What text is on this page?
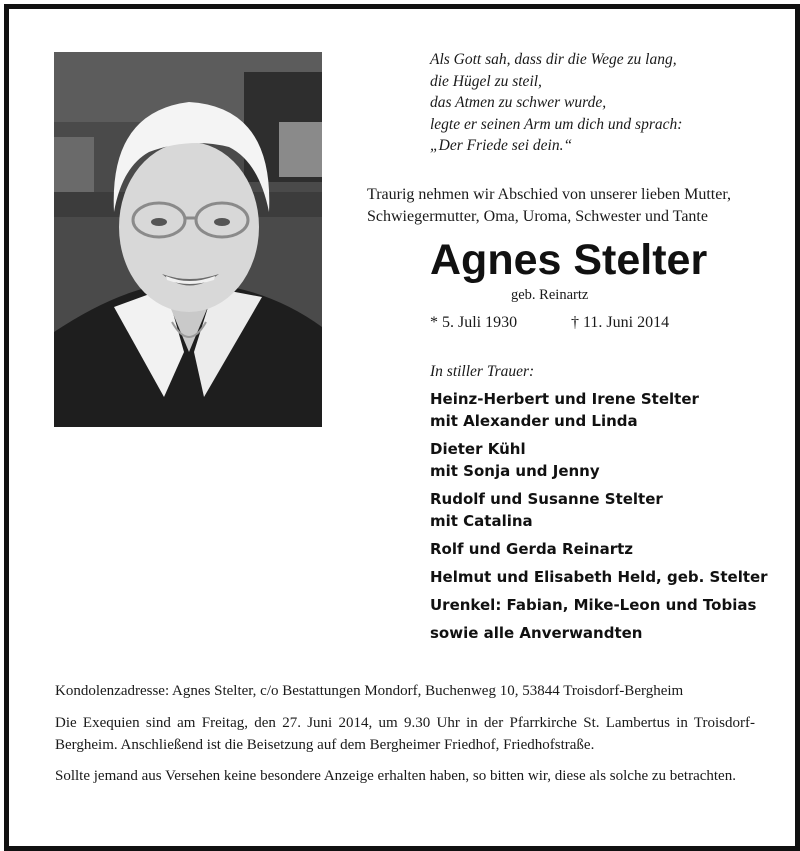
Als Gott sah, dass dir die Wege zu lang,
die Hügel zu steil,
das Atmen zu schwer wurde,
legte er seinen Arm um dich und sprach:
„Der Friede sei dein.“
Traurig nehmen wir Abschied von unserer lieben Mutter,
Schwiegermutter, Oma, Uroma, Schwester und Tante
Agnes Stelter
geb. Reinartz
* 5. Juli 1930	† 11. Juni 2014
In stiller Trauer:
Heinz-Herbert und Irene Stelter
mit Alexander und Linda
Dieter Kühl
mit Sonja und Jenny
Rudolf und Susanne Stelter
mit Catalina
Rolf und Gerda Reinartz
Helmut und Elisabeth Held, geb. Stelter
Urenkel: Fabian, Mike-Leon und Tobias
sowie alle Anverwandten
Kondolenzadresse: Agnes Stelter, c/o Bestattungen Mondorf, Buchenweg 10, 53844 Troisdorf-Bergheim
Die Exequien sind am Freitag, den 27. Juni 2014, um 9.30 Uhr in der Pfarrkirche St. Lambertus in Troisdorf-Bergheim. Anschließend ist die Beisetzung auf dem Bergheimer Friedhof, Friedhofstraße.
Sollte jemand aus Versehen keine besondere Anzeige erhalten haben, so bitten wir, diese als solche zu betrachten.
